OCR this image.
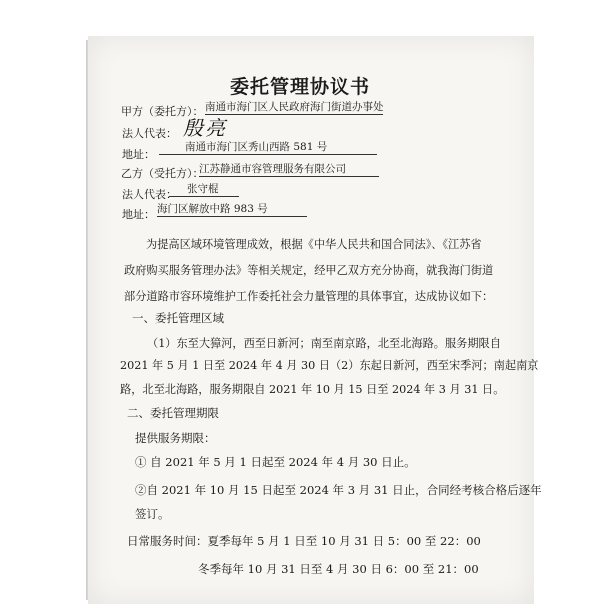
委托管理协议书
甲方（委托方）： 南通市海门区人民政府海门街道办事处
法人代表： 殷亮
地址：
南通市海门区秀山西路 581 号
乙方（受托方）：
江苏静通市容管理服务有限公司
法人代表： 张守棍
地址： 海门区解放中路 983 号
为提高区域环境管理成效，根据《中华人民共和国合同法》、《江苏省
政府购买服务管理办法》等相关规定，经甲乙双方充分协商，就我海门街道
部分道路市容环境维护工作委托社会力量管理的具体事宜，达成协议如下：
一、委托管理区域
（1）东至大獐河，西至日新河；南至南京路，北至北海路。服务期限自
2021 年 5 月 1 日至 2024 年 4 月 30 日（2）东起日新河，西至宋季河；南起南京
路，北至北海路，服务期限自 2021 年 10 月 15 日至 2024 年 3 月 31 日。
二、委托管理期限
提供服务期限：
① 自 2021 年 5 月 1 日起至 2024 年 4 月 30 日止。
②自 2021 年 10 月 15 日起至 2024 年 3 月 31 日止，合同经考核合格后逐年
签订。
日常服务时间：夏季每年 5 月 1 日至 10 月 31 日 5：00 至 22：00
冬季每年 10 月 31 日至 4 月 30 日 6：00 至 21：00
